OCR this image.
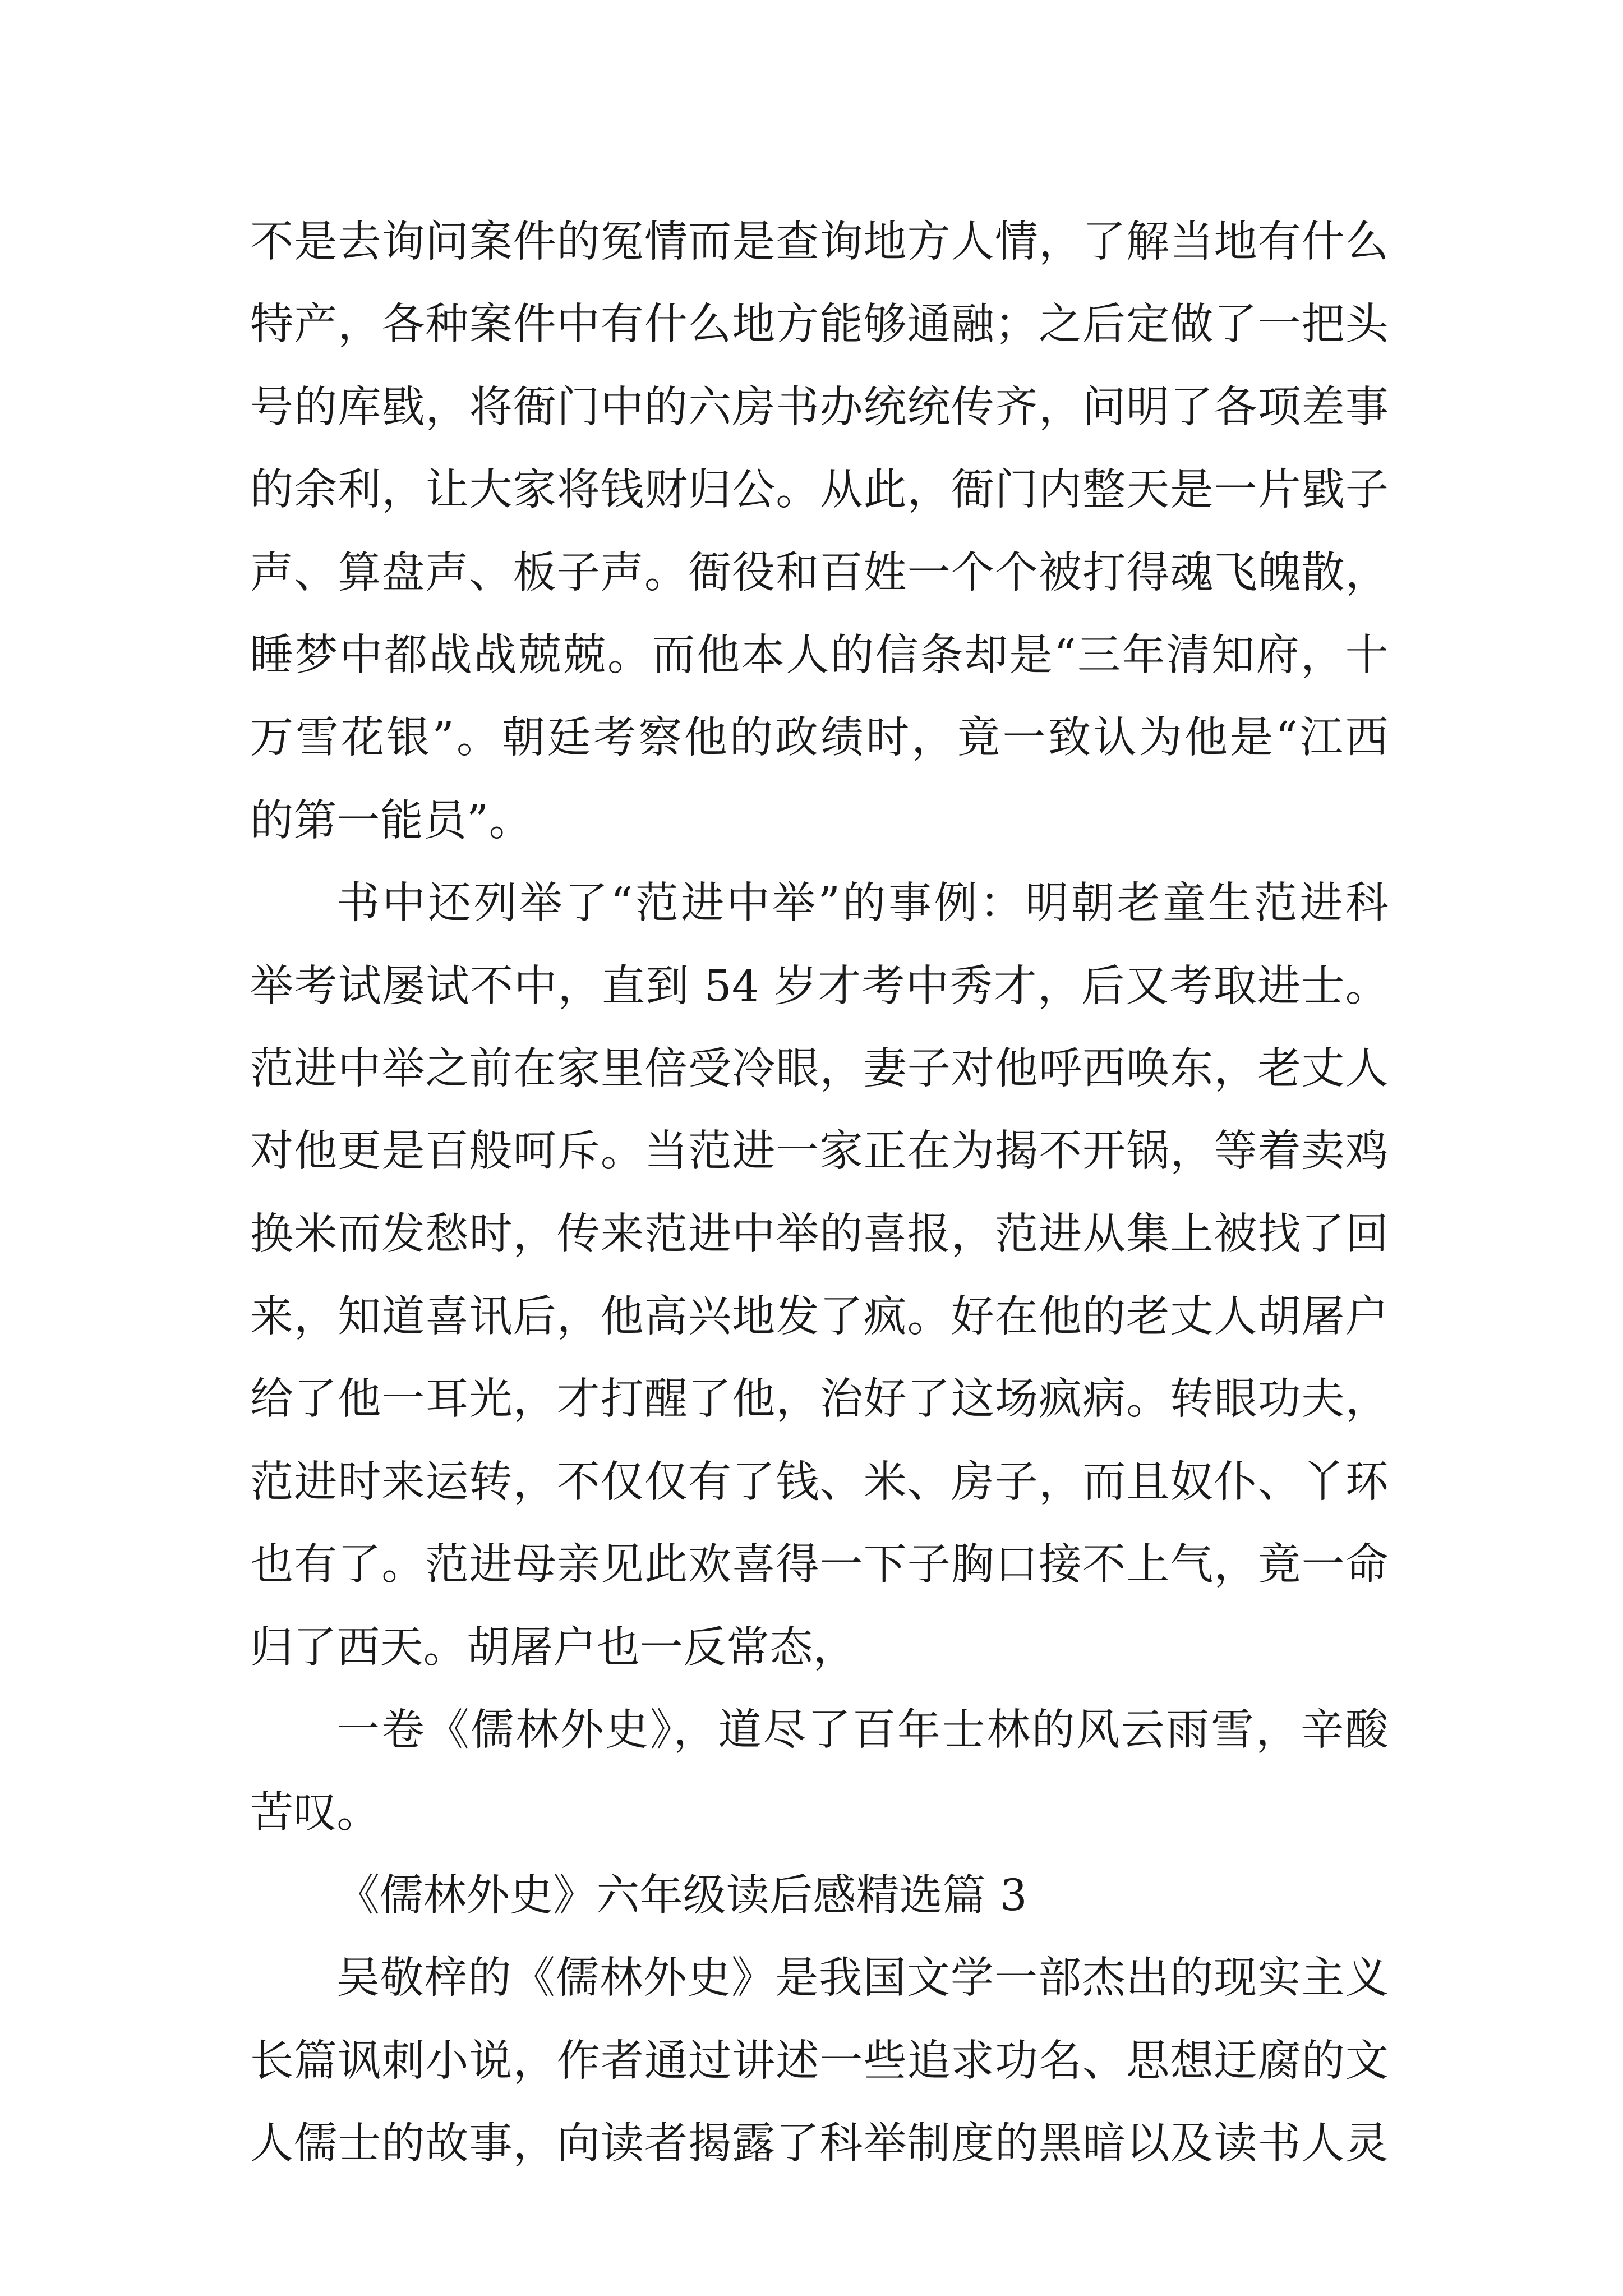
不是去询问案件的冤情而是查询地方人情，了解当地有什么
特产，各种案件中有什么地方能够通融；之后定做了一把头
号的库戥，将衙门中的六房书办统统传齐，问明了各项差事
的余利，让大家将钱财归公。从此，衙门内整天是一片戥子
声、算盘声、板子声。衙役和百姓一个个被打得魂飞魄散，
睡梦中都战战兢兢。而他本人的信条却是“三年清知府，十
万雪花银”。朝廷考察他的政绩时，竟一致认为他是“江西
的第一能员”。
书中还列举了“范进中举”的事例：明朝老童生范进科
举考试屡试不中，直到 54 岁才考中秀才，后又考取进士。
范进中举之前在家里倍受冷眼，妻子对他呼西唤东，老丈人
对他更是百般呵斥。当范进一家正在为揭不开锅，等着卖鸡
换米而发愁时，传来范进中举的喜报，范进从集上被找了回
来，知道喜讯后，他高兴地发了疯。好在他的老丈人胡屠户
给了他一耳光，才打醒了他，治好了这场疯病。转眼功夫，
范进时来运转，不仅仅有了钱、米、房子，而且奴仆、丫环
也有了。范进母亲见此欢喜得一下子胸口接不上气，竟一命
归了西天。胡屠户也一反常态，
一卷《儒林外史》，道尽了百年士林的风云雨雪，辛酸
苦叹。
《儒林外史》六年级读后感精选篇 3
吴敬梓的《儒林外史》是我国文学一部杰出的现实主义
长篇讽刺小说，作者通过讲述一些追求功名、思想迂腐的文
人儒士的故事，向读者揭露了科举制度的黑暗以及读书人灵
